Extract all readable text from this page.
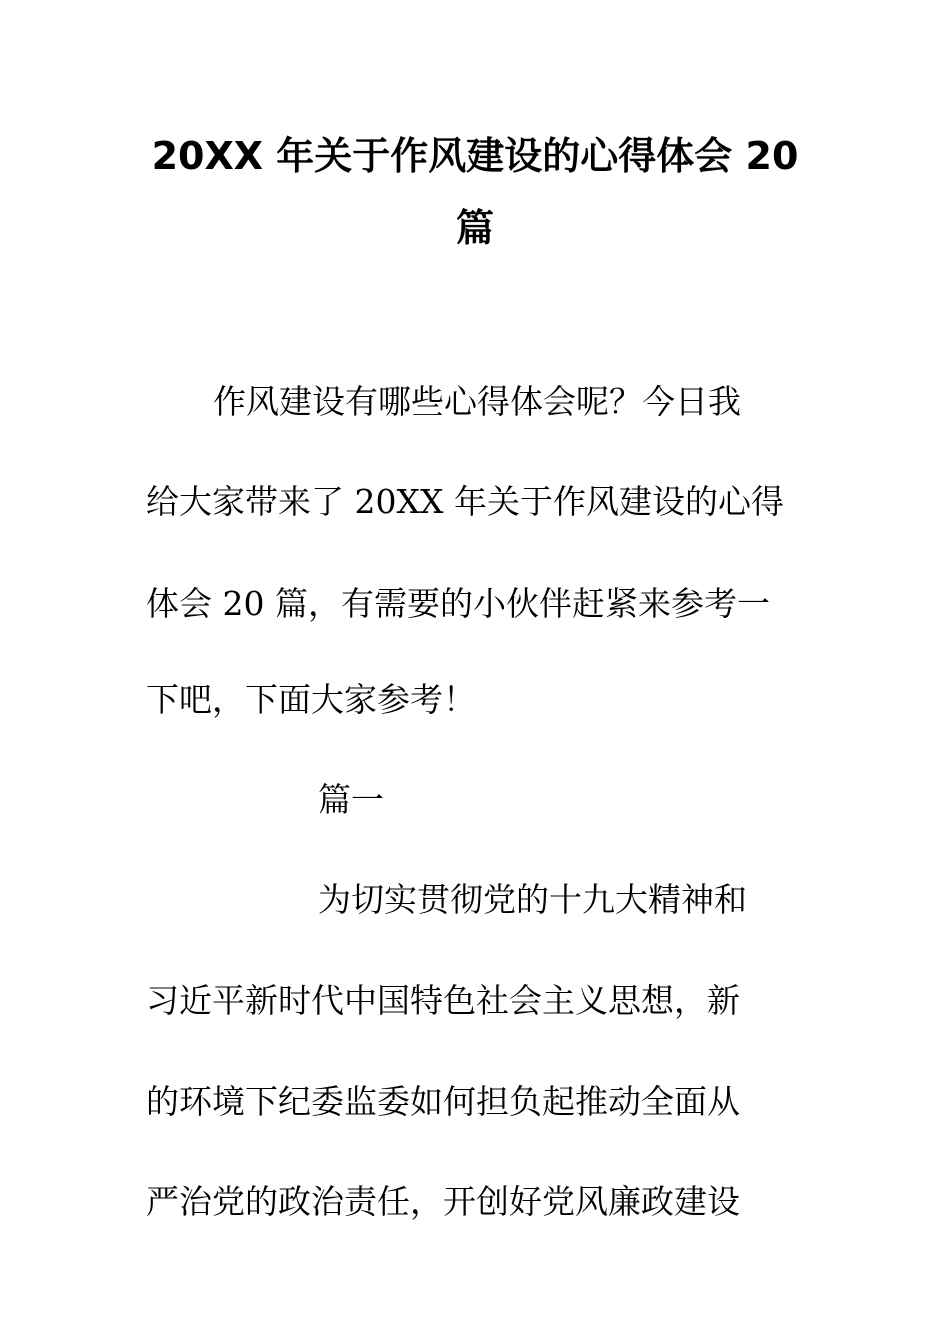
20XX 年关于作风建设的心得体会 20
篇
作风建设有哪些心得体会呢？今日我
给大家带来了 20XX 年关于作风建设的心得
体会 20 篇，有需要的小伙伴赶紧来参考一
下吧，下面大家参考！
篇一
为切实贯彻党的十九大精神和
习近平新时代中国特色社会主义思想，新
的环境下纪委监委如何担负起推动全面从
严治党的政治责任，开创好党风廉政建设
